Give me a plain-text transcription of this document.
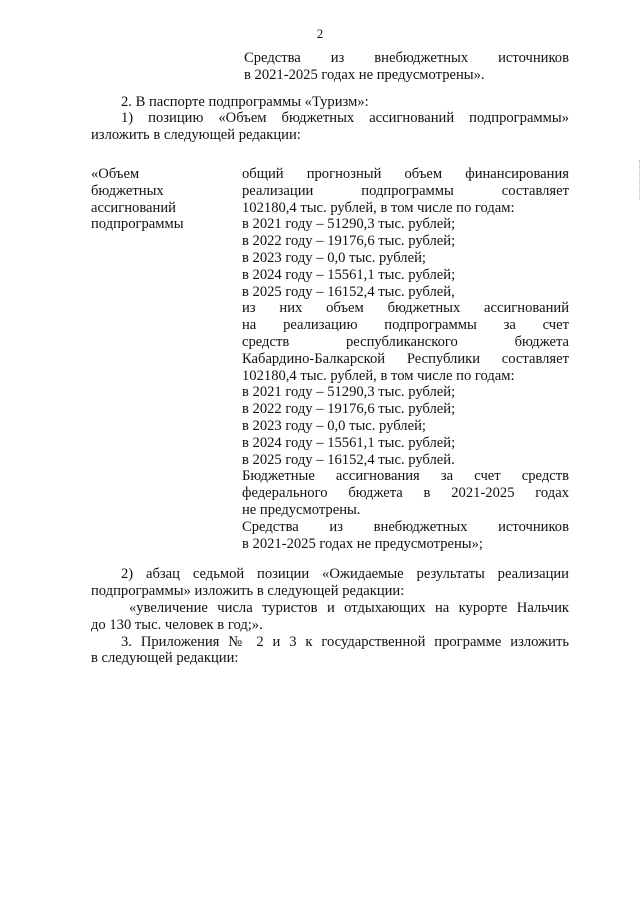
2
Средства из внебюджетных источников
в 2021-2025 годах не предусмотрены».
2. В паспорте подпрограммы «Туризм»:
1) позицию «Объем бюджетных ассигнований подпрограммы»
изложить в следующей редакции:
«Объем
бюджетных
ассигнований
подпрограммы
общий прогнозный объем финансирования
реализации подпрограммы составляет
102180,4 тыс. рублей, в том числе по годам:
в 2021 году – 51290,3 тыс. рублей;
в 2022 году – 19176,6 тыс. рублей;
в 2023 году – 0,0 тыс. рублей;
в 2024 году – 15561,1 тыс. рублей;
в 2025 году – 16152,4 тыс. рублей,
из них объем бюджетных ассигнований
на реализацию подпрограммы за счет
средств республиканского бюджета
Кабардино-Балкарской Республики составляет
102180,4 тыс. рублей, в том числе по годам:
в 2021 году – 51290,3 тыс. рублей;
в 2022 году – 19176,6 тыс. рублей;
в 2023 году – 0,0 тыс. рублей;
в 2024 году – 15561,1 тыс. рублей;
в 2025 году – 16152,4 тыс. рублей.
Бюджетные ассигнования за счет средств
федерального бюджета в 2021-2025 годах
не предусмотрены.
Средства из внебюджетных источников
в 2021-2025 годах не предусмотрены»;
2) абзац седьмой позиции «Ожидаемые результаты реализации
подпрограммы» изложить в следующей редакции:
«увеличение числа туристов и отдыхающих на курорте Нальчик
до 130 тыс. человек в год;».
3. Приложения № 2 и 3 к государственной программе изложить
в следующей редакции:
